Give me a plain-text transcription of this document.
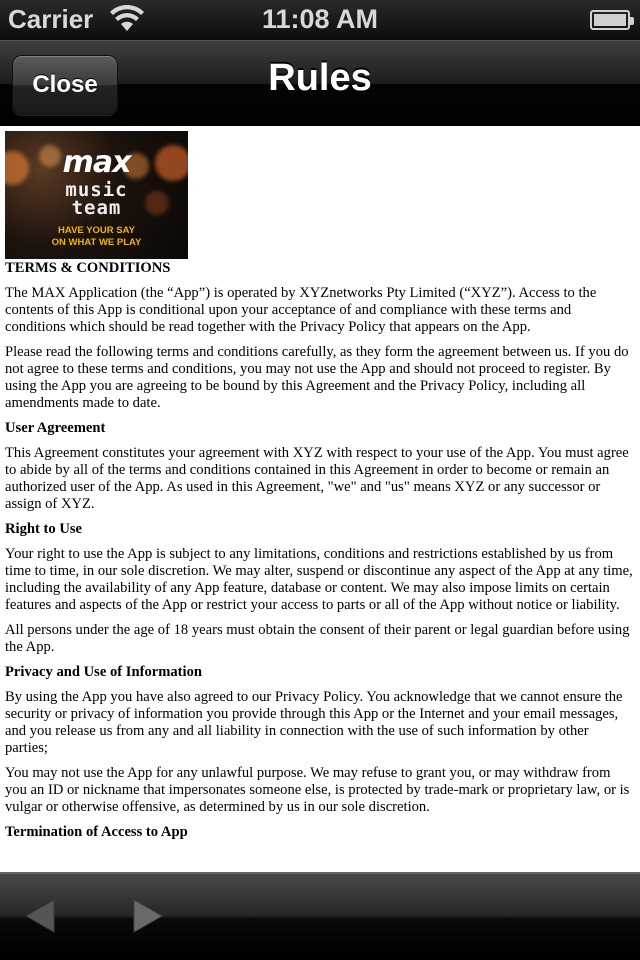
Carrier	11:08 AM
Close	Rules
max
music
team
HAVE YOUR SAY
ON WHAT WE PLAY
TERMS & CONDITIONS

The MAX Application (the “App”) is operated by XYZnetworks Pty Limited (“XYZ”). Access to the contents of this App is conditional upon your acceptance of and compliance with these terms and conditions which should be read together with the Privacy Policy that appears on the App.

Please read the following terms and conditions carefully, as they form the agreement between us. If you do not agree to these terms and conditions, you may not use the App and should not proceed to register. By using the App you are agreeing to be bound by this Agreement and the Privacy Policy, including all amendments made to date.

User Agreement

This Agreement constitutes your agreement with XYZ with respect to your use of the App. You must agree to abide by all of the terms and conditions contained in this Agreement in order to become or remain an authorized user of the App. As used in this Agreement, "we" and "us" means XYZ or any successor or assign of XYZ.

Right to Use

Your right to use the App is subject to any limitations, conditions and restrictions established by us from time to time, in our sole discretion. We may alter, suspend or discontinue any aspect of the App at any time, including the availability of any App feature, database or content. We may also impose limits on certain features and aspects of the App or restrict your access to parts or all of the App without notice or liability.

All persons under the age of 18 years must obtain the consent of their parent or legal guardian before using the App.

Privacy and Use of Information

By using the App you have also agreed to our Privacy Policy. You acknowledge that we cannot ensure the security or privacy of information you provide through this App or the Internet and your email messages, and you release us from any and all liability in connection with the use of such information by other parties;

You may not use the App for any unlawful purpose. We may refuse to grant you, or may withdraw from you an ID or nickname that impersonates someone else, is protected by trade-mark or proprietary law, or is vulgar or otherwise offensive, as determined by us in our sole discretion.

Termination of Access to App
